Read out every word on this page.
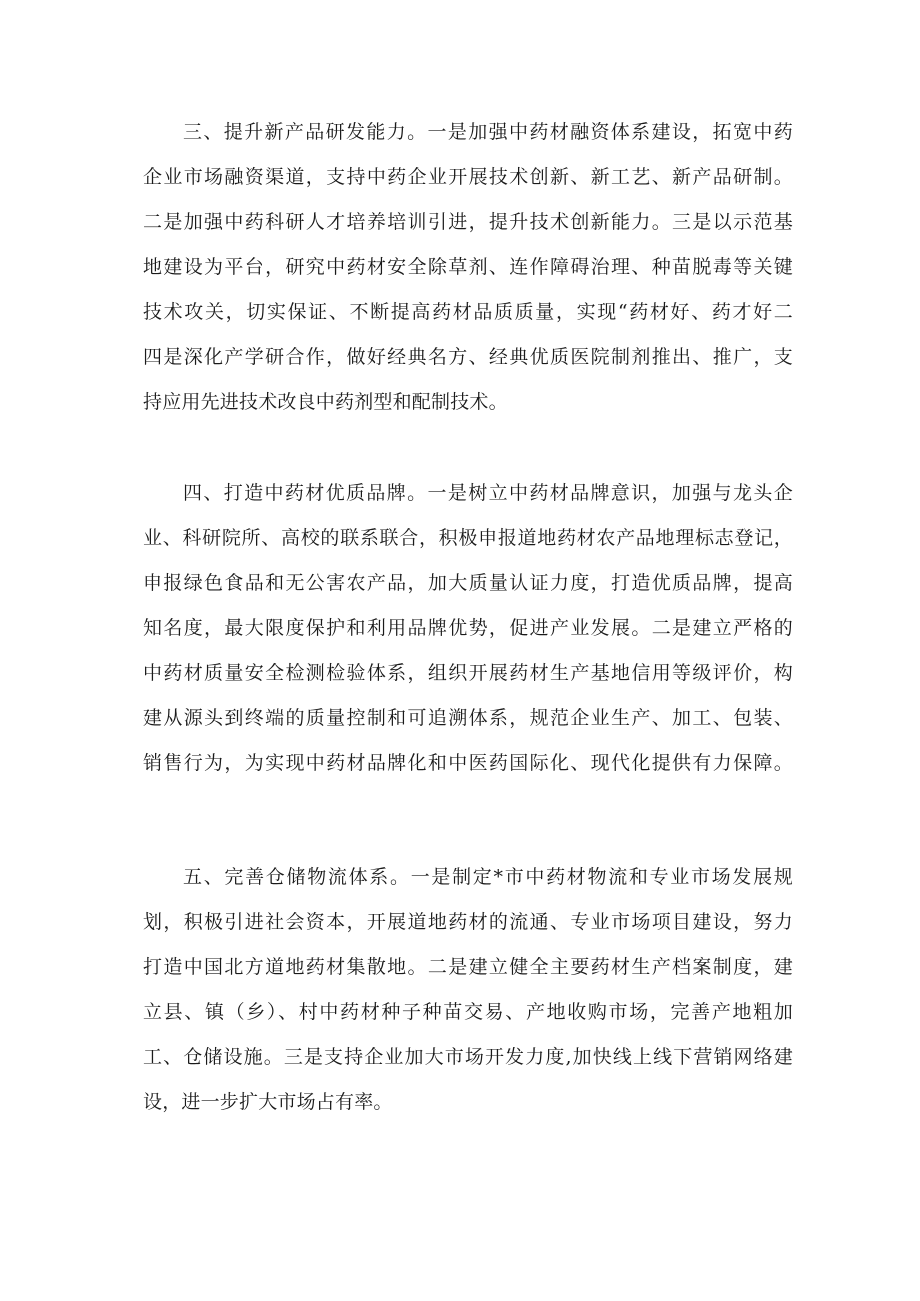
三、提升新产品研发能力。一是加强中药材融资体系建设，拓宽中药
企业市场融资渠道，支持中药企业开展技术创新、新工艺、新产品研制。
二是加强中药科研人才培养培训引进，提升技术创新能力。三是以示范基
地建设为平台，研究中药材安全除草剂、连作障碍治理、种苗脱毒等关键
技术攻关，切实保证、不断提高药材品质质量，实现“药材好、药才好二
四是深化产学研合作，做好经典名方、经典优质医院制剂推出、推广，支
持应用先进技术改良中药剂型和配制技术。
四、打造中药材优质品牌。一是树立中药材品牌意识，加强与龙头企
业、科研院所、高校的联系联合，积极申报道地药材农产品地理标志登记，
申报绿色食品和无公害农产品，加大质量认证力度，打造优质品牌，提高
知名度，最大限度保护和利用品牌优势，促进产业发展。二是建立严格的
中药材质量安全检测检验体系，组织开展药材生产基地信用等级评价，构
建从源头到终端的质量控制和可追溯体系，规范企业生产、加工、包装、
销售行为，为实现中药材品牌化和中医药国际化、现代化提供有力保障。
五、完善仓储物流体系。一是制定*市中药材物流和专业市场发展规
划，积极引进社会资本，开展道地药材的流通、专业市场项目建设，努力
打造中国北方道地药材集散地。二是建立健全主要药材生产档案制度，建
立县、镇（乡）、村中药材种子种苗交易、产地收购市场，完善产地粗加
工、仓储设施。三是支持企业加大市场开发力度,加快线上线下营销网络建
设，进一步扩大市场占有率。
